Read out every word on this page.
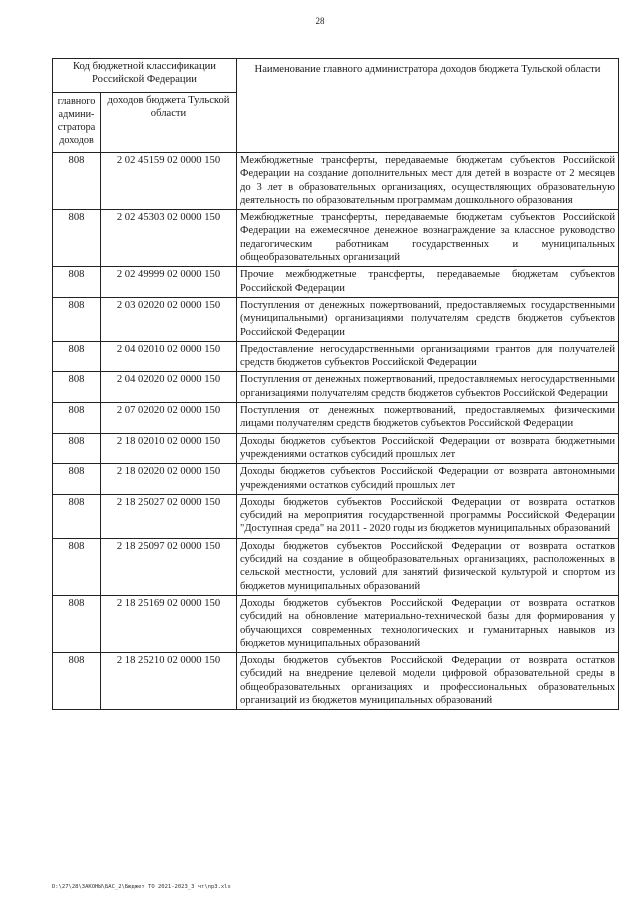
28
Код бюджетной классификации Российской Федерации		Наименование главного администратора доходов бюджета Тульской области
главного админи-стратора доходов	доходов бюджета Тульской области	
808	2 02 45159 02 0000 150	Межбюджетные трансферты, передаваемые бюджетам субъектов Российской Федерации на создание дополнительных мест для детей в возрасте от 2 месяцев до 3 лет в образовательных организациях, осуществляющих образовательную деятельность по образовательным программам дошкольного образования
808	2 02 45303 02 0000 150	Межбюджетные трансферты, передаваемые бюджетам субъектов Российской Федерации на ежемесячное денежное вознаграждение за классное руководство педагогическим работникам государственных и муниципальных общеобразовательных организаций
808	2 02 49999 02 0000 150	Прочие межбюджетные трансферты, передаваемые бюджетам субъектов Российской Федерации
808	2 03 02020 02 0000 150	Поступления от денежных пожертвований, предоставляемых государственными (муниципальными) организациями получателям средств бюджетов субъектов Российской Федерации
808	2 04 02010 02 0000 150	Предоставление негосударственными организациями грантов для получателей средств бюджетов субъектов Российской Федерации
808	2 04 02020 02 0000 150	Поступления от денежных пожертвований, предоставляемых негосударственными организациями получателям средств бюджетов субъектов Российской Федерации
808	2 07 02020 02 0000 150	Поступления от денежных пожертвований, предоставляемых физическими лицами получателям средств бюджетов субъектов Российской Федерации
808	2 18 02010 02 0000 150	Доходы бюджетов субъектов Российской Федерации от возврата бюджетными учреждениями остатков субсидий прошлых лет
808	2 18 02020 02 0000 150	Доходы бюджетов субъектов Российской Федерации от возврата автономными учреждениями остатков субсидий прошлых лет
808	2 18 25027 02 0000 150	Доходы бюджетов субъектов Российской Федерации от возврата остатков субсидий на мероприятия государственной программы Российской Федерации "Доступная среда" на 2011 - 2020 годы из бюджетов муниципальных образований
808	2 18 25097 02 0000 150	Доходы бюджетов субъектов Российской Федерации от возврата остатков субсидий на создание в общеобразовательных организациях, расположенных в сельской местности, условий для занятий физической культурой и спортом из бюджетов муниципальных образований
808	2 18 25169 02 0000 150	Доходы бюджетов субъектов Российской Федерации от возврата остатков субсидий на обновление материально-технической базы для формирования у обучающихся современных технологических и гуманитарных навыков из бюджетов муниципальных образований
808	2 18 25210 02 0000 150	Доходы бюджетов субъектов Российской Федерации от возврата остатков субсидий на внедрение целевой модели цифровой образовательной среды в общеобразовательных организациях и профессиональных образовательных организаций из бюджетов муниципальных образований
D:\27\28\ЗАКОНЫ\БАС_2\Бюджет ТО 2021-2023_3 чт\прЗ.xls
